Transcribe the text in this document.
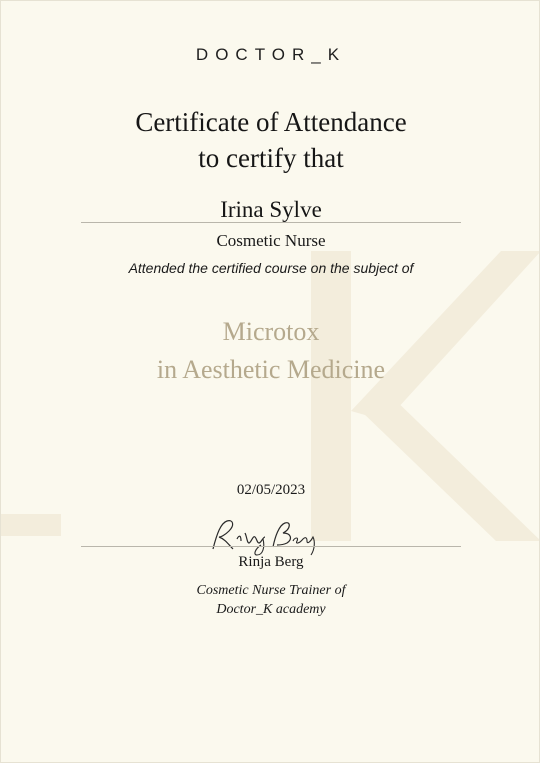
DOCTOR_K
Certificate of Attendance
to certify that
Irina Sylve
Cosmetic Nurse
Attended the certified course on the subject of
Microtox
in Aesthetic Medicine
02/05/2023
Rinja Berg
Cosmetic Nurse Trainer of
Doctor_K academy
